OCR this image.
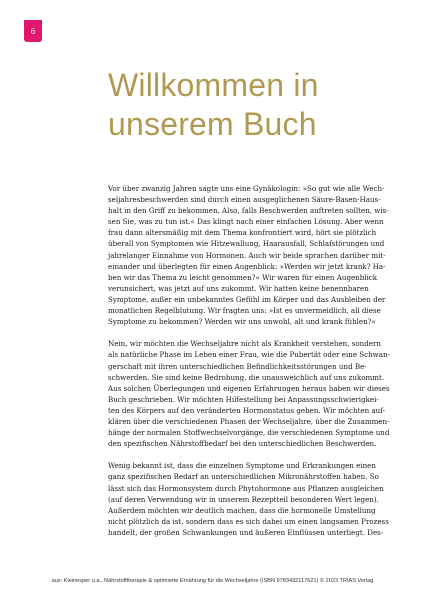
6
Willkommen in
unserem Buch

Vor über zwanzig Jahren sagte uns eine Gynäkologin: »So gut wie alle Wech-
seljahresbeschwerden sind durch einen ausgeglichenen Säure-Basen-Haus-
halt in den Griff zu bekommen. Also, falls Beschwerden auftreten sollten, wis-
sen Sie, was zu tun ist.« Das klingt nach einer einfachen Lösung. Aber wenn
frau dann altersmäßig mit dem Thema konfrontiert wird, hört sie plötzlich
überall von Symptomen wie Hitzewallung, Haarausfall, Schlafstörungen und
jahrelanger Einnahme von Hormonen. Auch wir beide sprachen darüber mit-
einander und überlegten für einen Augenblick: »Werden wir jetzt krank? Ha-
ben wir das Thema zu leicht genommen?« Wir waren für einen Augenblick
verunsichert, was jetzt auf uns zukommt. Wir hatten keine benennbaren
Symptome, außer ein unbekanntes Gefühl im Körper und das Ausbleiben der
monatlichen Regelblutung. Wir fragten uns: »Ist es unvermeidlich, all diese
Symptome zu bekommen? Werden wir uns unwohl, alt und krank fühlen?«

Nein, wir möchten die Wechseljahre nicht als Krankheit verstehen, sondern
als natürliche Phase im Leben einer Frau, wie die Pubertät oder eine Schwan-
gerschaft mit ihren unterschiedlichen Befindlichkeitsstörungen und Be-
schwerden. Sie sind keine Bedrohung, die unausweichlich auf uns zukommt.
Aus solchen Überlegungen und eigenen Erfahrungen heraus haben wir dieses
Buch geschrieben. Wir möchten Hilfestellung bei Anpassungsschwierigkei-
ten des Körpers auf den veränderten Hormonstatus geben. Wir möchten auf-
klären über die verschiedenen Phasen der Wechseljahre, über die Zusammen-
hänge der normalen Stoffwechselvorgänge, die verschiedenen Symptome und
den spezifischen Nährstoffbedarf bei den unterschiedlichen Beschwerden.

Wenig bekannt ist, dass die einzelnen Symptome und Erkrankungen einen
ganz spezifischen Bedarf an unterschiedlichen Mikronährstoffen haben. So
lässt sich das Hormonsystem durch Phytohormone aus Pflanzen ausgleichen
(auf deren Verwendung wir in unserem Rezeptteil besonderen Wert legen).
Außerdem möchten wir deutlich machen, dass die hormonelle Umstellung
nicht plötzlich da ist, sondern dass es sich dabei um einen langsamen Prozess
handelt, der großen Schwankungen und äußeren Einflüssen unterliegt. Des-

aus: Kleinesper u.a., Nährstofftherapie & optimierte Ernährung für die Wechseljahre (ISBN 9783432117621) © 2023 TRIAS Verlag
